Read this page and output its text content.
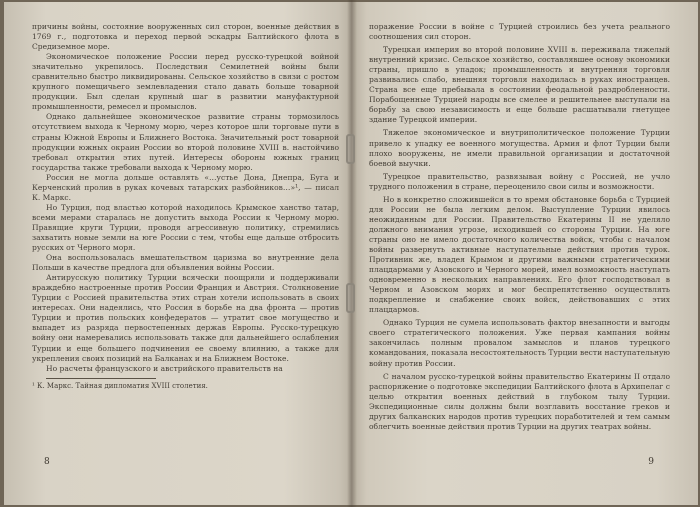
причины войны, состояние вооруженных сил сторон, военные действия в 1769 г., подготовка и переход первой эскадры Балтийского флота в Средиземное море.

Экономическое положение России перед русско-турецкой войной значительно укрепилось. Последствия Семилетней войны были сравнительно быстро ликвидированы. Сельское хозяйство в связи с ростом крупного помещичьего землевладения стало давать больше товарной продукции. Был сделан крупный шаг в развитии мануфактурной промышленности, ремесел и промыслов.

Однако дальнейшее экономическое развитие страны тормозилось отсутствием выхода к Черному морю, через которое шли торговые пути в страны Южной Европы и Ближнего Востока. Значительный рост товарной продукции южных окраин России во второй половине XVIII в. настойчиво требовал открытия этих путей. Интересы обороны южных границ государства также требовали выхода к Черному морю.

Россия не могла дольше оставлять «…устье Дона, Днепра, Буга и Керченский пролив в руках кочевых татарских разбойников…»¹, — писал К. Маркс.

Но Турция, под властью которой находилось Крымское ханство татар, всеми мерами старалась не допустить выхода России к Черному морю. Правящие круги Турции, проводя агрессивную политику, стремились захватить новые земли на юге России с тем, чтобы еще дальше отбросить русских от Черного моря.

Она воспользовалась вмешательством царизма во внутренние дела Польши в качестве предлога для объявления войны России.

Антирусскую политику Турции всячески поощряли и поддерживали враждебно настроенные против России Франция и Австрия. Столкновение Турции с Россией правительства этих стран хотели использовать в своих интересах. Они надеялись, что Россия в борьбе на два фронта — против Турции и против польских конфедератов — утратит свое могущество и выпадет из разряда первостепенных держав Европы. Русско-турецкую войну они намеревались использовать также для дальнейшего ослабления Турции и еще большего подчинения ее своему влиянию, а также для укрепления своих позиций на Балканах и на Ближнем Востоке.

Но расчеты французского и австрийского правительств на

¹ К. Маркс. Тайная дипломатия XVIII столетия.

8

поражение России в войне с Турцией строились без учета реального соотношения сил сторон.

Турецкая империя во второй половине XVIII в. переживала тяжелый внутренний кризис. Сельское хозяйство, составлявшее основу экономики страны, пришло в упадок; промышленность и внутренняя торговля развивались слабо, внешняя торговля находилась в руках иностранцев. Страна все еще пребывала в состоянии феодальной раздробленности. Порабощенные Турцией народы все смелее и решительнее выступали на борьбу за свою независимость и еще больше расшатывали гнетущее здание Турецкой империи.

Тяжелое экономическое и внутриполитическое положение Турции привело к упадку ее военного могущества. Армия и флот Турции были плохо вооружены, не имели правильной организации и достаточной боевой выучки.

Турецкое правительство, развязывая войну с Россией, не учло трудного положения в стране, переоценило свои силы и возможности.

Но в конкретно сложившейся в то время обстановке борьба с Турцией для России не была легким делом. Выступление Турции явилось неожиданным для России. Правительство Екатерины II не уделяло должного внимания угрозе, исходившей со стороны Турции. На юге страны оно не имело достаточного количества войск, чтобы с началом войны развернуть активные наступательные действия против турок. Противник же, владея Крымом и другими важными стратегическими плацдармами у Азовского и Черного морей, имел возможность наступать одновременно в нескольких направлениях. Его флот господствовал в Черном и Азовском морях и мог беспрепятственно осуществлять подкрепление и снабжение своих войск, действовавших с этих плацдармов.

Однако Турция не сумела использовать фактор внезапности и выгоды своего стратегического положения. Уже первая кампания войны закончилась полным провалом замыслов и планов турецкого командования, показала несостоятельность Турции вести наступательную войну против России.

С началом русско-турецкой войны правительство Екатерины II отдало распоряжение о подготовке экспедиции Балтийского флота в Архипелаг с целью открытия военных действий в глубоком тылу Турции. Экспедиционные силы должны были возглавить восстание греков и других балканских народов против турецких поработителей и тем самым облегчить военные действия против Турции на других театрах войны.

9
